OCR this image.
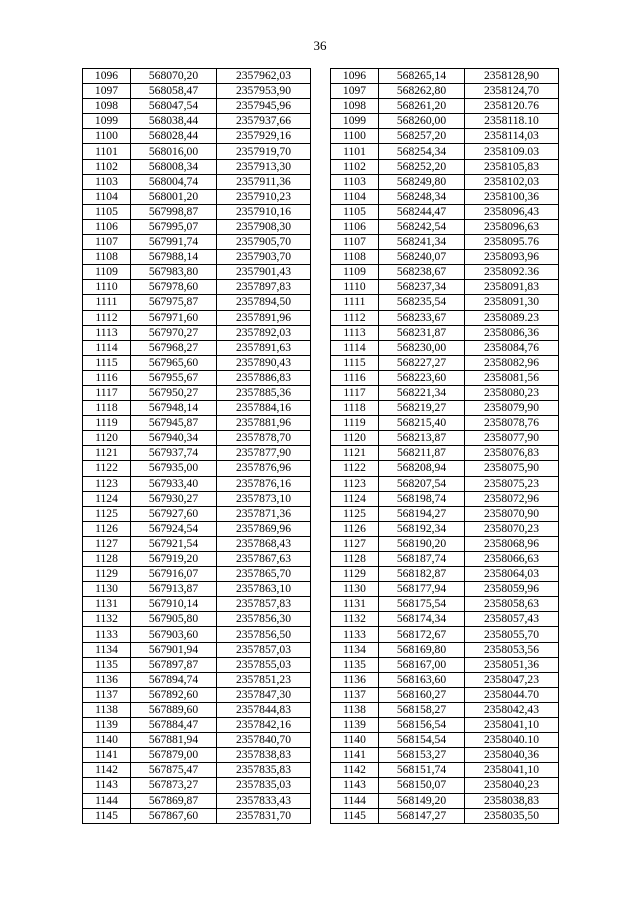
36
1096	568070,20	2357962,03		1096	568265,14	2358128,90
1097	568058,47	2357953,90		1097	568262,80	2358124,70
1098	568047,54	2357945,96		1098	568261,20	2358120.76
1099	568038,44	2357937,66		1099	568260,00	2358118.10
1100	568028,44	2357929,16		1100	568257,20	2358114,03
1101	568016,00	2357919,70		1101	568254,34	2358109.03
1102	568008,34	2357913,30		1102	568252,20	2358105,83
1103	568004,74	2357911,36		1103	568249,80	2358102,03
1104	568001,20	2357910,23		1104	568248,34	2358100,36
1105	567998,87	2357910,16		1105	568244,47	2358096,43
1106	567995,07	2357908,30		1106	568242,54	2358096,63
1107	567991,74	2357905,70		1107	568241,34	2358095.76
1108	567988,14	2357903,70		1108	568240,07	2358093,96
1109	567983,80	2357901,43		1109	568238,67	2358092.36
1110	567978,60	2357897,83		1110	568237,34	2358091,83
1111	567975,87	2357894,50		1111	568235,54	2358091,30
1112	567971,60	2357891,96		1112	568233,67	2358089.23
1113	567970,27	2357892,03		1113	568231,87	2358086,36
1114	567968,27	2357891,63		1114	568230,00	2358084,76
1115	567965,60	2357890,43		1115	568227,27	2358082,96
1116	567955,67	2357886,83		1116	568223,60	2358081,56
1117	567950,27	2357885,36		1117	568221,34	2358080,23
1118	567948,14	2357884,16		1118	568219,27	2358079,90
1119	567945,87	2357881,96		1119	568215,40	2358078,76
1120	567940,34	2357878,70		1120	568213,87	2358077,90
1121	567937,74	2357877,90		1121	568211,87	2358076,83
1122	567935,00	2357876,96		1122	568208,94	2358075,90
1123	567933,40	2357876,16		1123	568207,54	2358075,23
1124	567930,27	2357873,10		1124	568198,74	2358072,96
1125	567927,60	2357871,36		1125	568194,27	2358070,90
1126	567924,54	2357869,96		1126	568192,34	2358070,23
1127	567921,54	2357868,43		1127	568190,20	2358068,96
1128	567919,20	2357867,63		1128	568187,74	2358066,63
1129	567916,07	2357865,70		1129	568182,87	2358064,03
1130	567913,87	2357863,10		1130	568177,94	2358059,96
1131	567910,14	2357857,83		1131	568175,54	2358058,63
1132	567905,80	2357856,30		1132	568174,34	2358057,43
1133	567903,60	2357856,50		1133	568172,67	2358055,70
1134	567901,94	2357857,03		1134	568169,80	2358053,56
1135	567897,87	2357855,03		1135	568167,00	2358051,36
1136	567894,74	2357851,23		1136	568163,60	2358047,23
1137	567892,60	2357847,30		1137	568160,27	2358044.70
1138	567889,60	2357844,83		1138	568158,27	2358042,43
1139	567884,47	2357842,16		1139	568156,54	2358041,10
1140	567881,94	2357840,70		1140	568154,54	2358040.10
1141	567879,00	2357838,83		1141	568153,27	2358040,36
1142	567875,47	2357835,83		1142	568151,74	2358041,10
1143	567873,27	2357835,03		1143	568150,07	2358040,23
1144	567869,87	2357833,43		1144	568149,20	2358038,83
1145	567867,60	2357831,70		1145	568147,27	2358035,50
